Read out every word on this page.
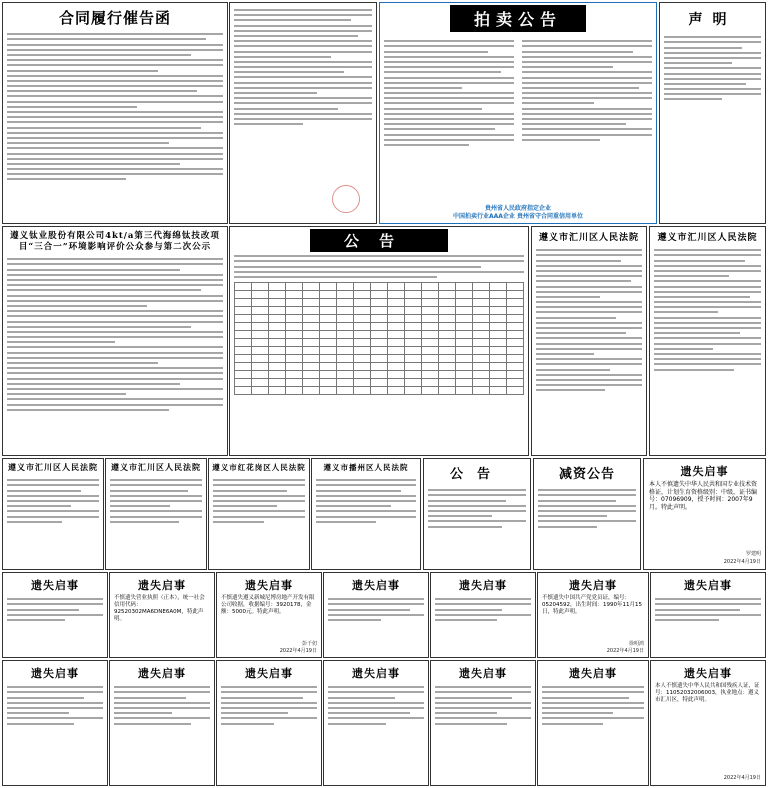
合同履行催告函	拍卖公告
贵州省人民政府指定企业
中国拍卖行业AAA企业 贵州省守合同重信用单位
声明
遵义钛业股份有限公司4kt/a第三代海绵钛技改项目“三合一”环境影响评价公众参与第二次公示	公告

																	遵义市汇川区人民法院	遵义市汇川区人民法院
遵义市汇川区人民法院	遵义市汇川区人民法院	遵义市红花岗区人民法院	遵义市播州区人民法院	公告	减资公告	遗失启事
本人不慎遗失中华人民共和国专业技术资格证，计划生育资格级别：中级，证书编号：07096909，授予时间：2007年9月。特此声明。
罗建明
2022年4月19日
遗失启事	遗失启事
不慎遗失营业执照（正本），统一社会信用代码：92520302MA6DNE6A0M，特此声明。
遗失启事
不慎遗失遵义新城尼博房地产开发有限公司收据，收据编号：3920178，金额：5000元。特此声明。
彭千仞
2022年4月19日
遗失启事	遗失启事	遗失启事
不慎遗失中国共产党党员证，编号：05204592，出生时间：1990年11月15日，特此声明。
徐明鸿
2022年4月19日
遗失启事
遗失启事	遗失启事	遗失启事	遗失启事	遗失启事	遗失启事	遗失启事
本人不慎遗失中华人民共和国残疾人证，证号：11052032006003，执业地点：遵义市汇川区，特此声明。
2022年4月19日
